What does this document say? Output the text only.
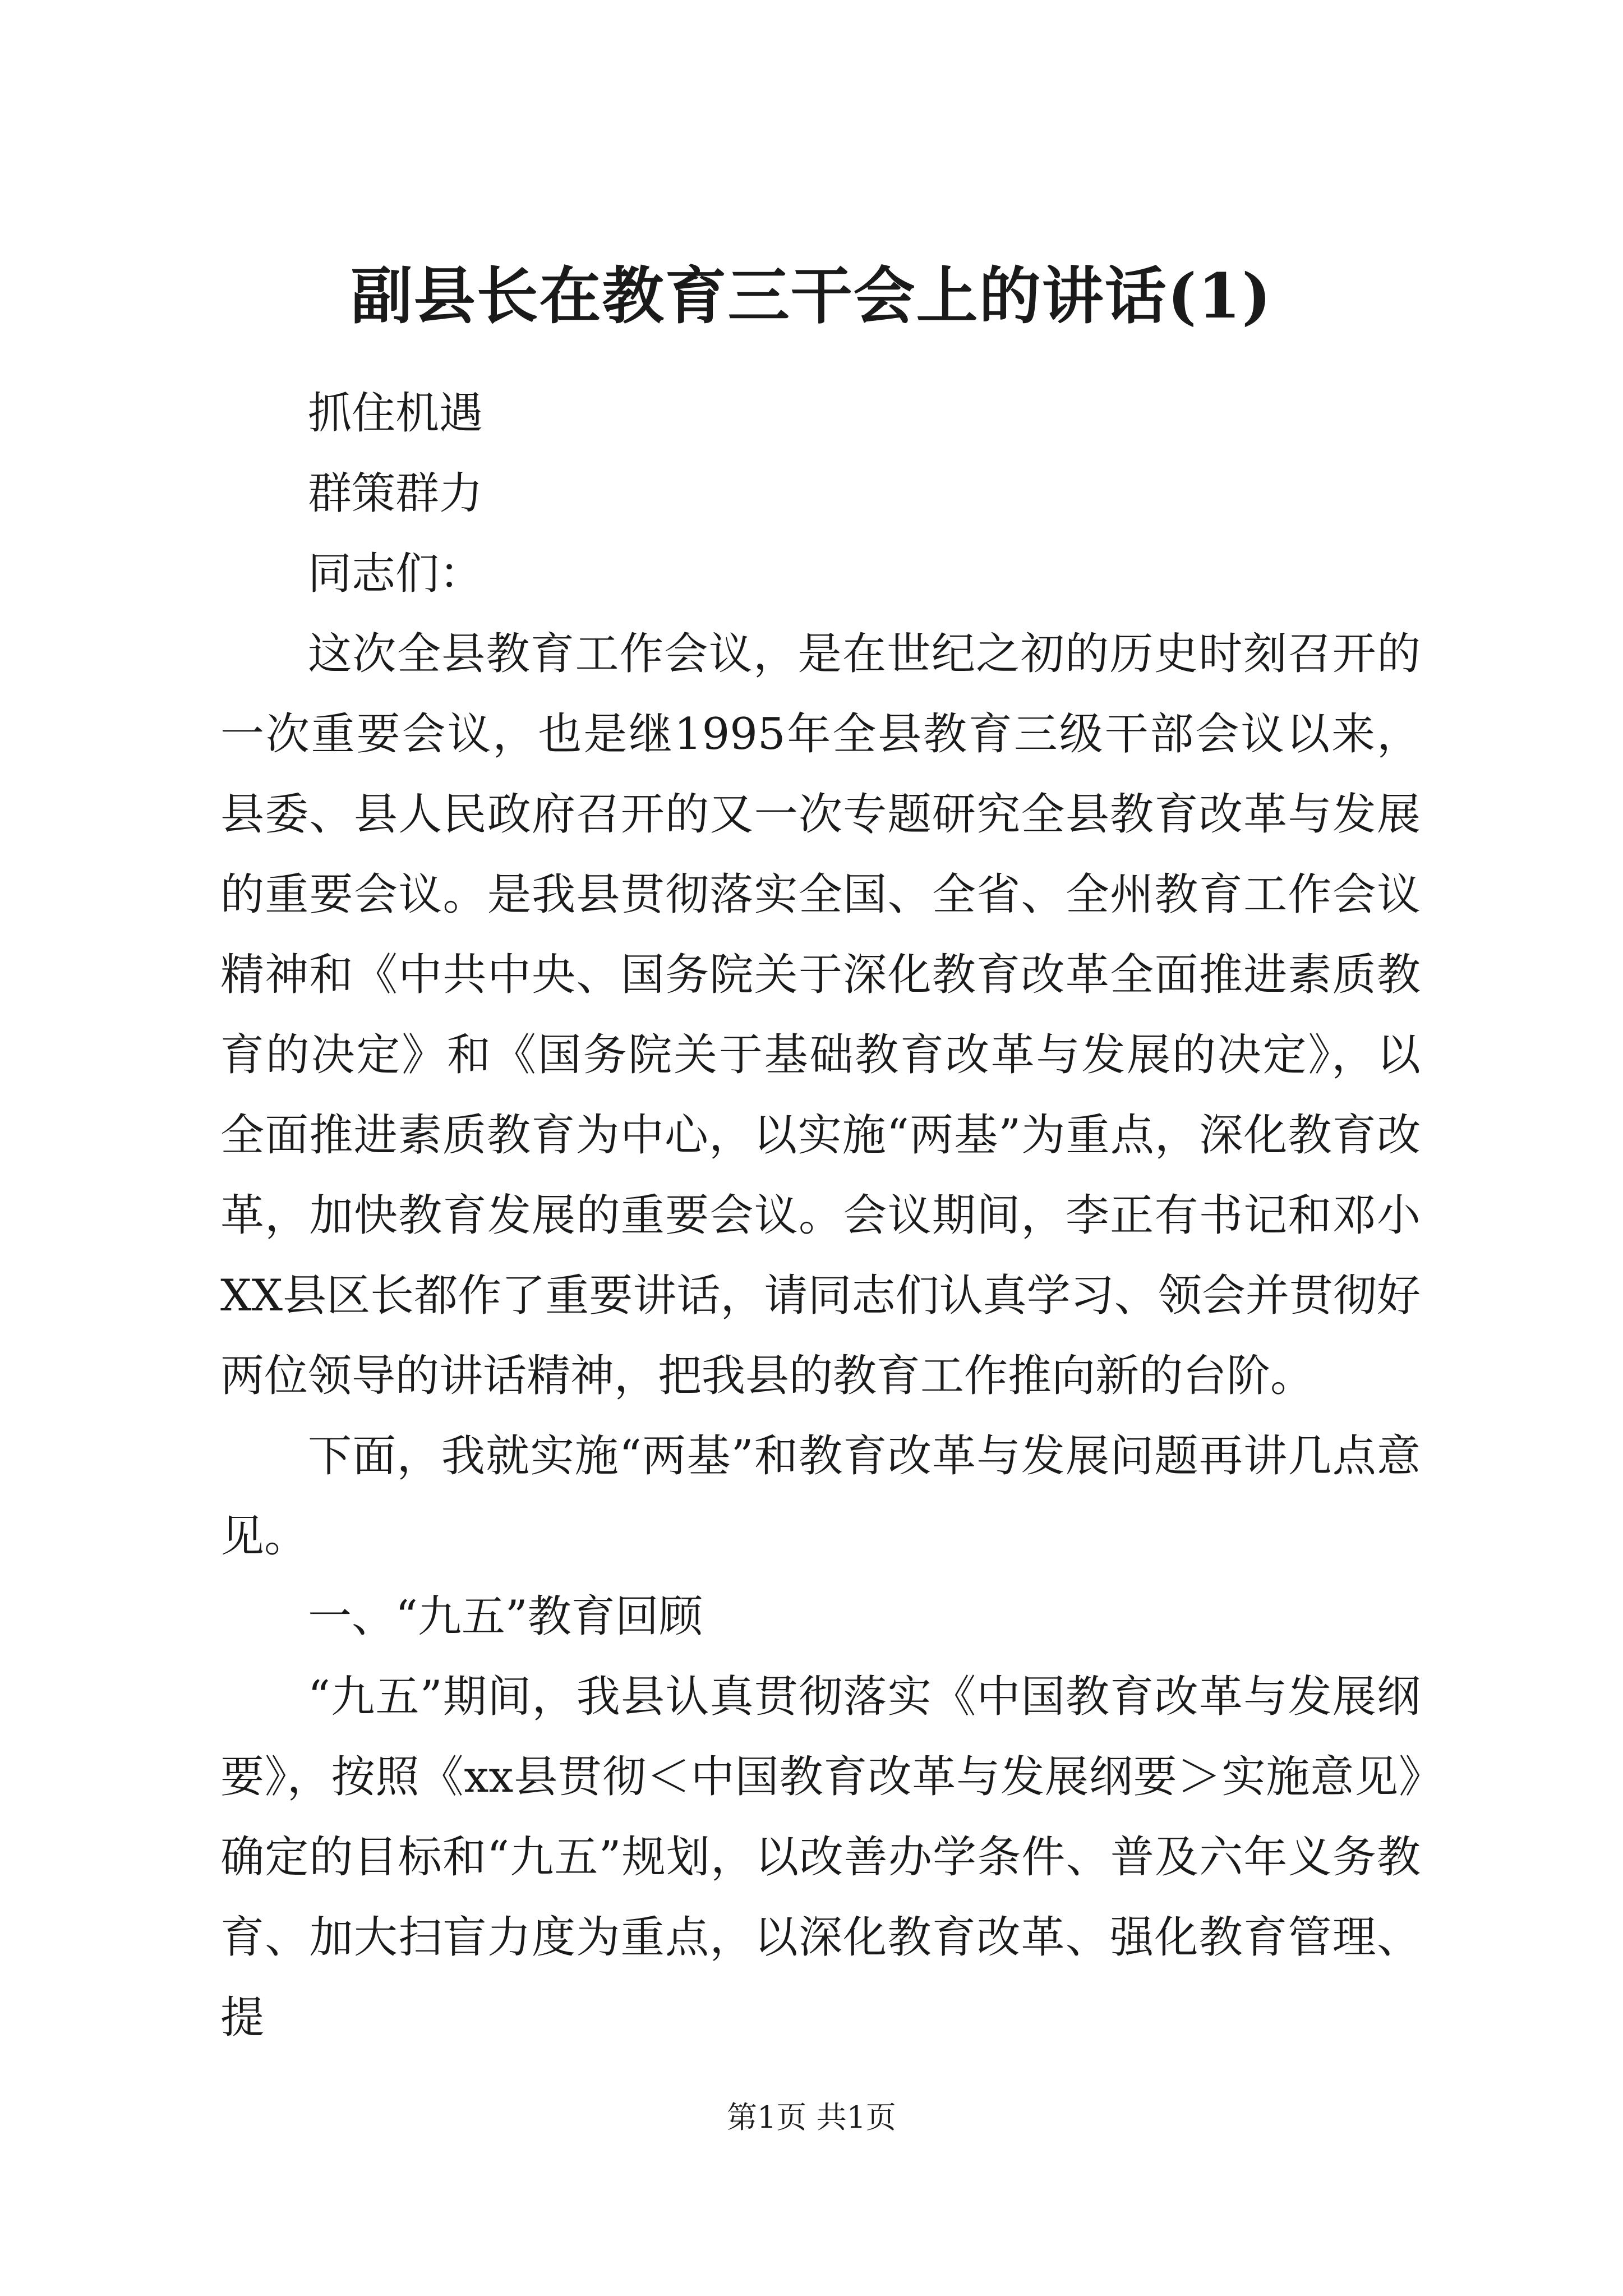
副县长在教育三干会上的讲话(1)

抓住机遇

群策群力

同志们：

这次全县教育工作会议，是在世纪之初的历史时刻召开的一次重要会议，也是继1995年全县教育三级干部会议以来，县委、县人民政府召开的又一次专题研究全县教育改革与发展的重要会议。是我县贯彻落实全国、全省、全州教育工作会议精神和《中共中央、国务院关于深化教育改革全面推进素质教育的决定》和《国务院关于基础教育改革与发展的决定》，以全面推进素质教育为中心，以实施“两基”为重点，深化教育改革，加快教育发展的重要会议。会议期间，李正有书记和邓小XX县区长都作了重要讲话，请同志们认真学习、领会并贯彻好两位领导的讲话精神，把我县的教育工作推向新的台阶。

下面，我就实施“两基”和教育改革与发展问题再讲几点意见。

一、“九五”教育回顾

“九五”期间，我县认真贯彻落实《中国教育改革与发展纲要》，按照《xx县贯彻＜中国教育改革与发展纲要＞实施意见》确定的目标和“九五”规划，以改善办学条件、普及六年义务教育、加大扫盲力度为重点，以深化教育改革、强化教育管理、提

第1页 共1页
